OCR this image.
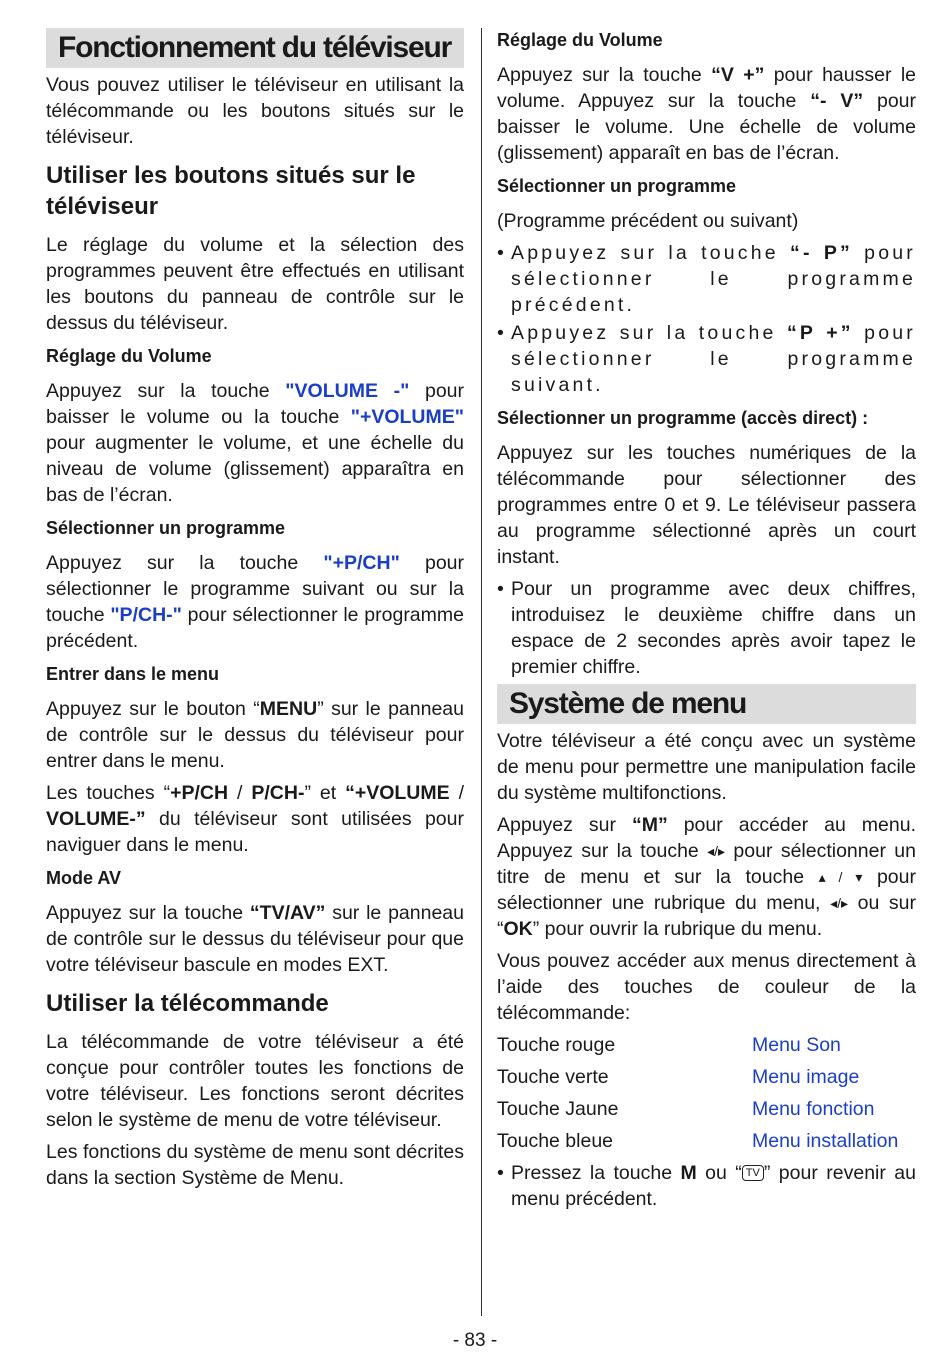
Fonctionnement du téléviseur

Vous pouvez utiliser le téléviseur en utilisant la télécommande ou les boutons situés sur le téléviseur.

Utiliser les boutons situés sur le téléviseur

Le réglage du volume et la sélection des programmes peuvent être effectués en utilisant les boutons du panneau de contrôle sur le dessus du téléviseur.

Réglage du Volume

Appuyez sur la touche "VOLUME -" pour baisser le volume ou la touche "+VOLUME" pour augmenter le volume, et une échelle du niveau de volume (glissement) apparaîtra en bas de l’écran.

Sélectionner un programme

Appuyez sur la touche "+P/CH" pour sélectionner le programme suivant ou sur la touche "P/CH-" pour sélectionner le programme précédent.

Entrer dans le menu

Appuyez sur le bouton “MENU” sur le panneau de contrôle sur le dessus du téléviseur pour entrer dans le menu.

Les touches “+P/CH / P/CH-” et “+VOLUME / VOLUME-” du téléviseur sont utilisées pour naviguer dans le menu.

Mode AV

Appuyez sur la touche “TV/AV” sur le panneau de contrôle sur le dessus du téléviseur pour que votre téléviseur bascule en modes EXT.

Utiliser la télécommande

La télécommande de votre téléviseur a été conçue pour contrôler toutes les fonctions de votre téléviseur. Les fonctions seront décrites selon le système de menu de votre téléviseur.

Les fonctions du système de menu sont décrites dans la section Système de Menu.

Réglage du Volume

Appuyez sur la touche “V +” pour hausser le volume. Appuyez sur la touche “- V” pour baisser le volume. Une échelle de volume (glissement) apparaît en bas de l’écran.

Sélectionner un programme

(Programme précédent ou suivant)

• Appuyez sur la touche “- P” pour sélectionner le programme précédent.
• Appuyez sur la touche “P +” pour sélectionner le programme suivant.
Sélectionner un programme (accès direct) :

Appuyez sur les touches numériques de la télécommande pour sélectionner des programmes entre 0 et 9. Le téléviseur passera au programme sélectionné après un court instant.

• Pour un programme avec deux chiffres, introduisez le deuxième chiffre dans un espace de 2 secondes après avoir tapez le premier chiffre.
Système de menu

Votre téléviseur a été conçu avec un système de menu pour permettre une manipulation facile du système multifonctions.

Appuyez sur “M” pour accéder au menu. Appuyez sur la touche ◂/▸ pour sélectionner un titre de menu et sur la touche ▴ / ▾ pour sélectionner une rubrique du menu, ◂/▸ ou sur “OK” pour ouvrir la rubrique du menu.

Vous pouvez accéder aux menus directement à l’aide des touches de couleur de la télécommande:

Touche rouge	Menu Son
Touche verte	Menu image
Touche Jaune	Menu fonction
Touche bleue	Menu installation
• Pressez la touche M ou “ TV ” pour revenir au menu précédent.
- 83 -
